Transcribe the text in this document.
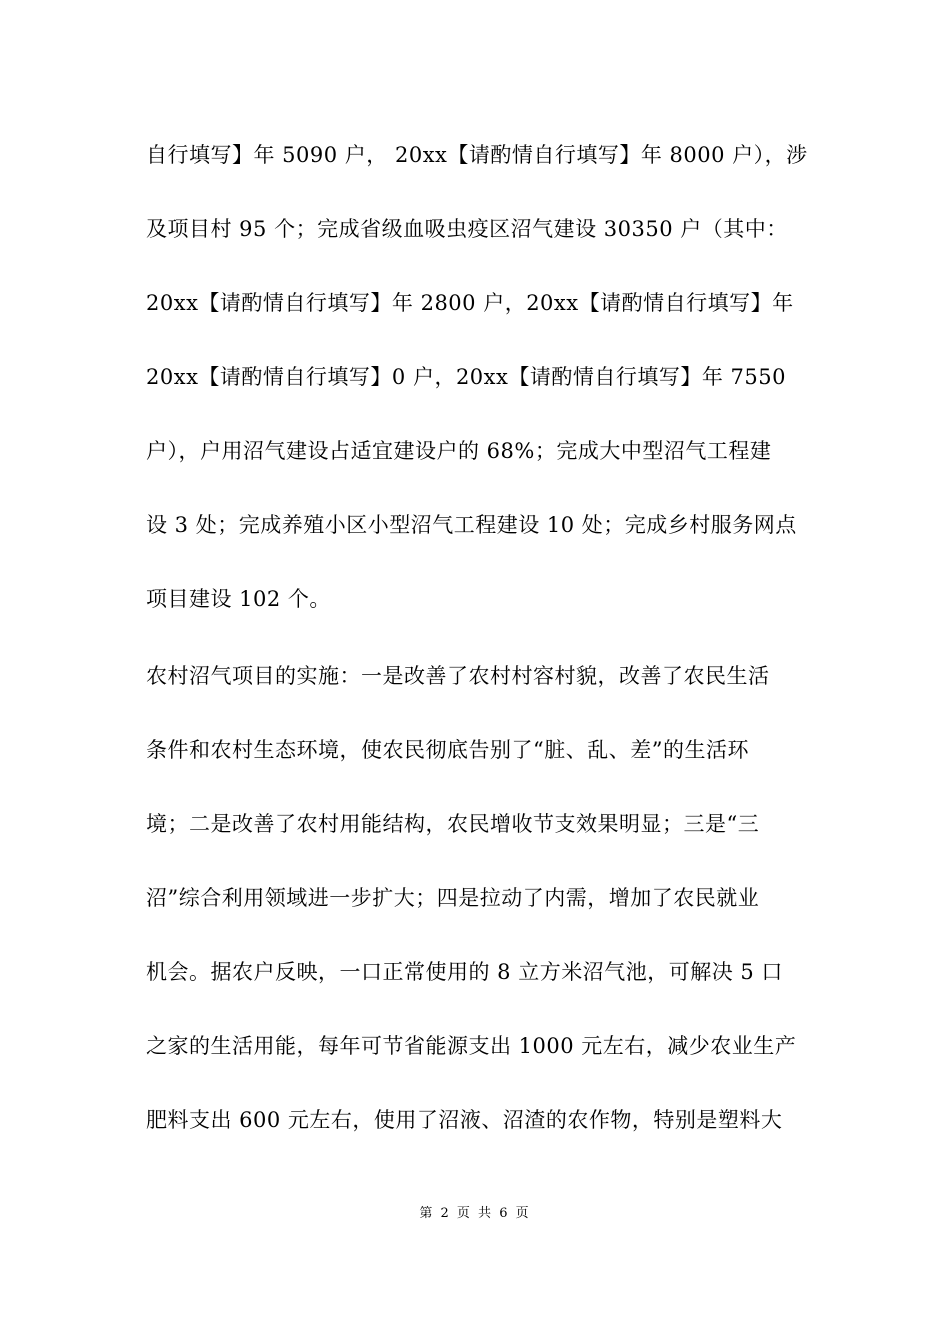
自行填写】年 5090 户， 20xx【请酌情自行填写】年 8000 户），涉
及项目村 95 个；完成省级血吸虫疫区沼气建设 30350 户（其中：
20xx【请酌情自行填写】年 2800 户，20xx【请酌情自行填写】年
20xx【请酌情自行填写】0 户，20xx【请酌情自行填写】年 7550
户），户用沼气建设占适宜建设户的 68%；完成大中型沼气工程建
设 3 处；完成养殖小区小型沼气工程建设 10 处；完成乡村服务网点
项目建设 102 个。
农村沼气项目的实施：一是改善了农村村容村貌，改善了农民生活
条件和农村生态环境，使农民彻底告别了“脏、乱、差”的生活环
境；二是改善了农村用能结构，农民增收节支效果明显；三是“三
沼”综合利用领域进一步扩大；四是拉动了内需，增加了农民就业
机会。据农户反映，一口正常使用的 8 立方米沼气池，可解决 5 口
之家的生活用能，每年可节省能源支出 1000 元左右，减少农业生产
肥料支出 600 元左右，使用了沼液、沼渣的农作物，特别是塑料大
第 2 页 共 6 页
